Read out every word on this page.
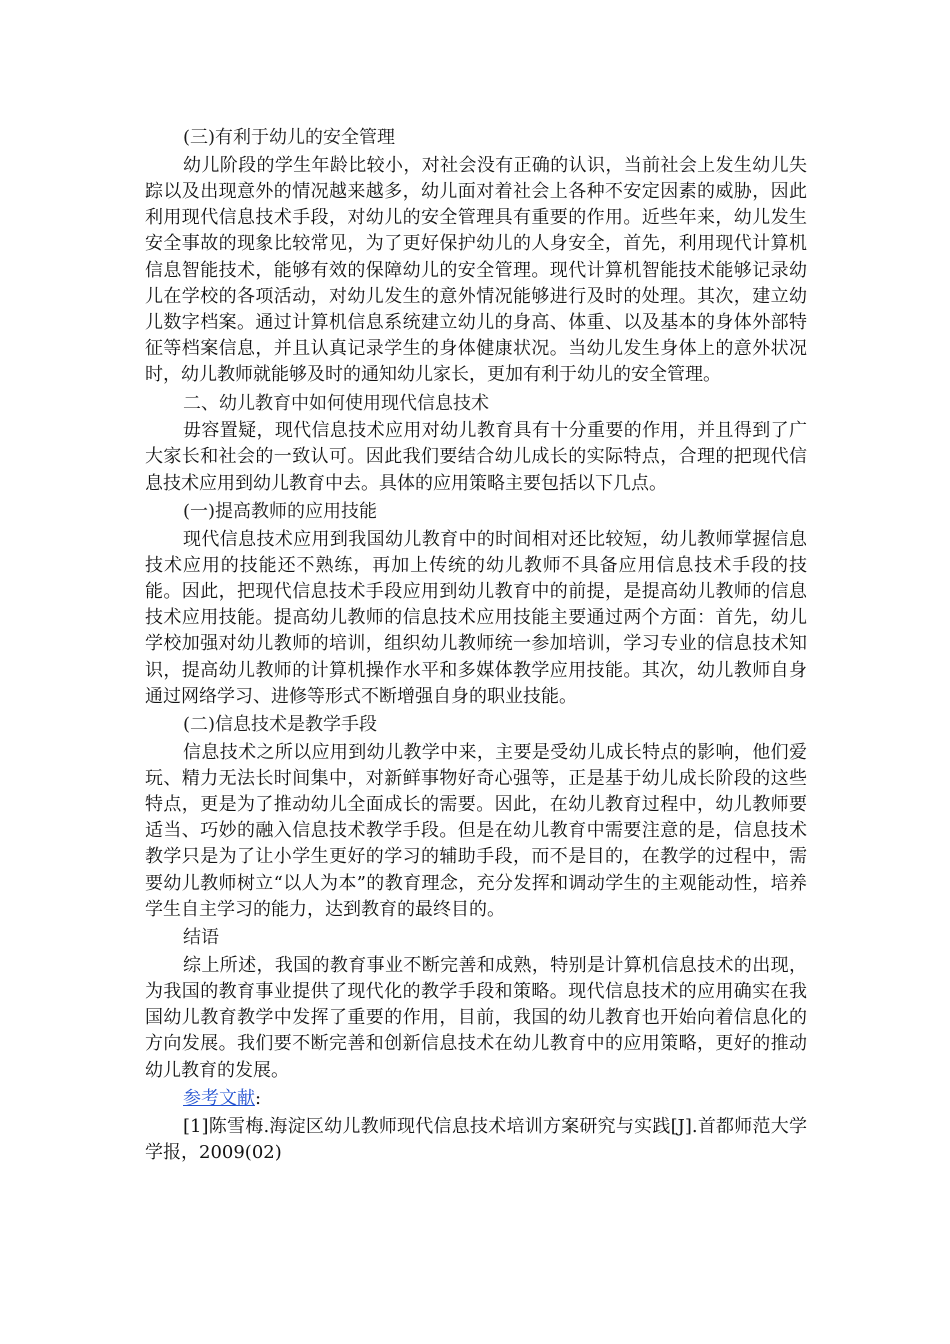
(三)有利于幼儿的安全管理

幼儿阶段的学生年龄比较小，对社会没有正确的认识，当前社会上发生幼儿失踪以及出现意外的情况越来越多，幼儿面对着社会上各种不安定因素的威胁，因此利用现代信息技术手段，对幼儿的安全管理具有重要的作用。近些年来，幼儿发生安全事故的现象比较常见，为了更好保护幼儿的人身安全，首先，利用现代计算机信息智能技术，能够有效的保障幼儿的安全管理。现代计算机智能技术能够记录幼儿在学校的各项活动，对幼儿发生的意外情况能够进行及时的处理。其次，建立幼儿数字档案。通过计算机信息系统建立幼儿的身高、体重、以及基本的身体外部特征等档案信息，并且认真记录学生的身体健康状况。当幼儿发生身体上的意外状况时，幼儿教师就能够及时的通知幼儿家长，更加有利于幼儿的安全管理。

二、幼儿教育中如何使用现代信息技术

毋容置疑，现代信息技术应用对幼儿教育具有十分重要的作用，并且得到了广大家长和社会的一致认可。因此我们要结合幼儿成长的实际特点，合理的把现代信息技术应用到幼儿教育中去。具体的应用策略主要包括以下几点。

(一)提高教师的应用技能

现代信息技术应用到我国幼儿教育中的时间相对还比较短，幼儿教师掌握信息技术应用的技能还不熟练，再加上传统的幼儿教师不具备应用信息技术手段的技能。因此，把现代信息技术手段应用到幼儿教育中的前提，是提高幼儿教师的信息技术应用技能。提高幼儿教师的信息技术应用技能主要通过两个方面：首先，幼儿学校加强对幼儿教师的培训，组织幼儿教师统一参加培训，学习专业的信息技术知识，提高幼儿教师的计算机操作水平和多媒体教学应用技能。其次，幼儿教师自身通过网络学习、进修等形式不断增强自身的职业技能。

(二)信息技术是教学手段

信息技术之所以应用到幼儿教学中来，主要是受幼儿成长特点的影响，他们爱玩、精力无法长时间集中，对新鲜事物好奇心强等，正是基于幼儿成长阶段的这些特点，更是为了推动幼儿全面成长的需要。因此，在幼儿教育过程中，幼儿教师要适当、巧妙的融入信息技术教学手段。但是在幼儿教育中需要注意的是，信息技术教学只是为了让小学生更好的学习的辅助手段，而不是目的，在教学的过程中，需要幼儿教师树立“以人为本”的教育理念，充分发挥和调动学生的主观能动性，培养学生自主学习的能力，达到教育的最终目的。

结语

综上所述，我国的教育事业不断完善和成熟，特别是计算机信息技术的出现，为我国的教育事业提供了现代化的教学手段和策略。现代信息技术的应用确实在我国幼儿教育教学中发挥了重要的作用，目前，我国的幼儿教育也开始向着信息化的方向发展。我们要不断完善和创新信息技术在幼儿教育中的应用策略，更好的推动幼儿教育的发展。

参考文献:

[1]陈雪梅.海淀区幼儿教师现代信息技术培训方案研究与实践[J].首都师范大学学报，2009(02)
